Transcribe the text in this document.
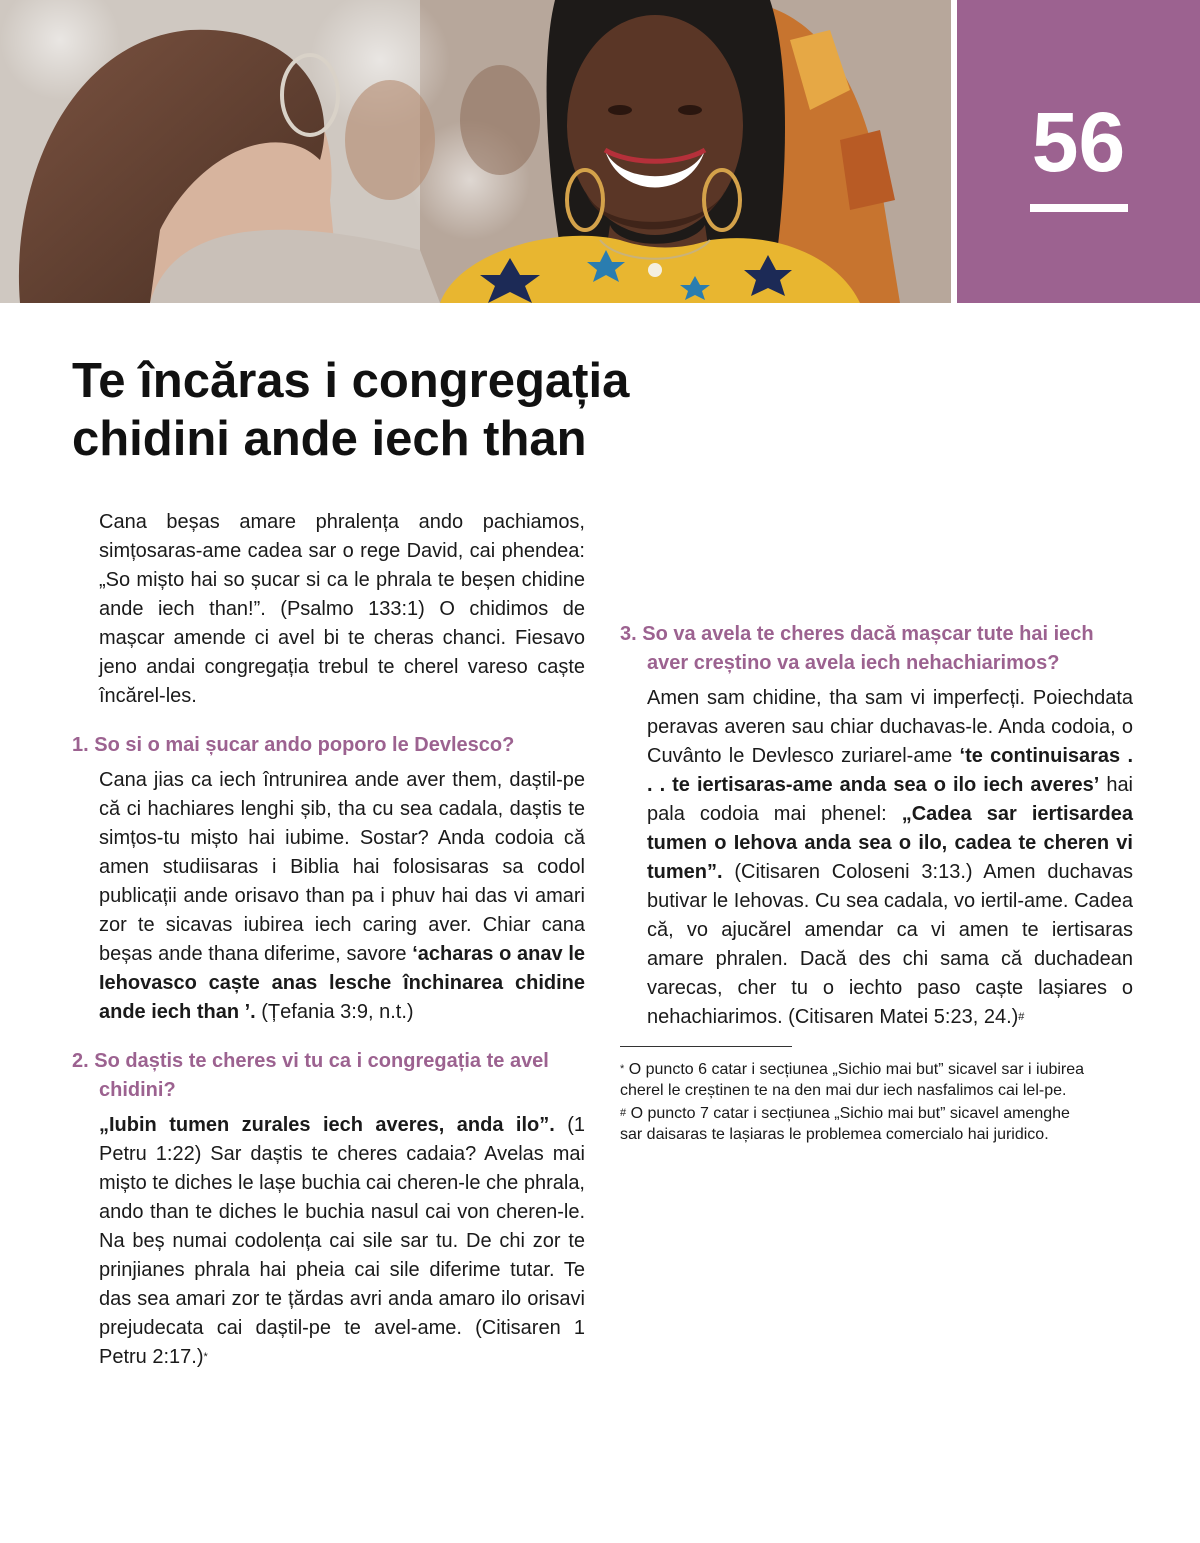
56
Te încăras i congregația
chidini ande iech than

Cana beșas amare phralența ando pachiamos, simțosaras-ame cadea sar o rege David, cai phendea: „So mișto hai so șucar si ca le phrala te beșen chidine ande iech than!”. (Psalmo 133:1) O chidimos de mașcar amende ci avel bi te cheras chanci. Fiesavo jeno andai congregația trebul te cherel vareso caște încărel-les.

1. So si o mai șucar ando poporo le Devlesco?

Cana jias ca iech întrunirea ande aver them, daștil-pe că ci hachiares lenghi șib, tha cu sea cadala, daștis te simțos-tu mișto hai iubime. Sostar? Anda codoia că amen studiisaras i Biblia hai folosisaras sa codol publicații ande orisavo than pa i phuv hai das vi amari zor te sicavas iubirea iech caring aver. Chiar cana beșas ande thana diferime, savore ‘acharas o anav le Iehovasco caște anas lesche închinarea chidine ande iech than ’. (Țefania 3:9, n.t.)

2. So daștis te cheres vi tu ca i congregația te avel chidini?

„Iubin tumen zurales iech averes, anda ilo”. (1 Petru 1:22) Sar daștis te cheres cadaia? Avelas mai mișto te diches le lașe buchia cai cheren-le che phrala, ando than te diches le buchia nasul cai von cheren-le. Na beș numai codolența cai sile sar tu. De chi zor te prinjianes phrala hai pheia cai sile diferime tutar. Te das sea amari zor te țărdas avri anda amaro ilo orisavi prejudecata cai daștil-pe te avel-ame. (Citisaren 1 Petru 2:17.)*

3. So va avela te cheres dacă mașcar tute hai iech aver creștino va avela iech nehachiarimos?

Amen sam chidine, tha sam vi imperfecți. Poiechdata peravas averen sau chiar duchavas-le. Anda codoia, o Cuvânto le Devlesco zuriarel-ame ‘te continuisaras . . . te iertisaras-ame anda sea o ilo iech averes’ hai pala codoia mai phenel: „Cadea sar iertisardea tumen o Iehova anda sea o ilo, cadea te cheren vi tumen”. (Citisaren Coloseni 3:13.) Amen duchavas butivar le Iehovas. Cu sea cadala, vo iertil-ame. Cadea că, vo ajucărel amendar ca vi amen te iertisaras amare phralen. Dacă des chi sama că duchadean varecas, cher tu o iechto paso caște lașiares o nehachiarimos. (Citisaren Matei 5:23, 24.)#

* O puncto 6 catar i secțiunea „Sichio mai but” sicavel sar i iubirea cherel le creștinen te na den mai dur iech nasfalimos cai lel-pe.

# O puncto 7 catar i secțiunea „Sichio mai but” sicavel amenghe sar daisaras te lașiaras le problemea comercialo hai juridico.
